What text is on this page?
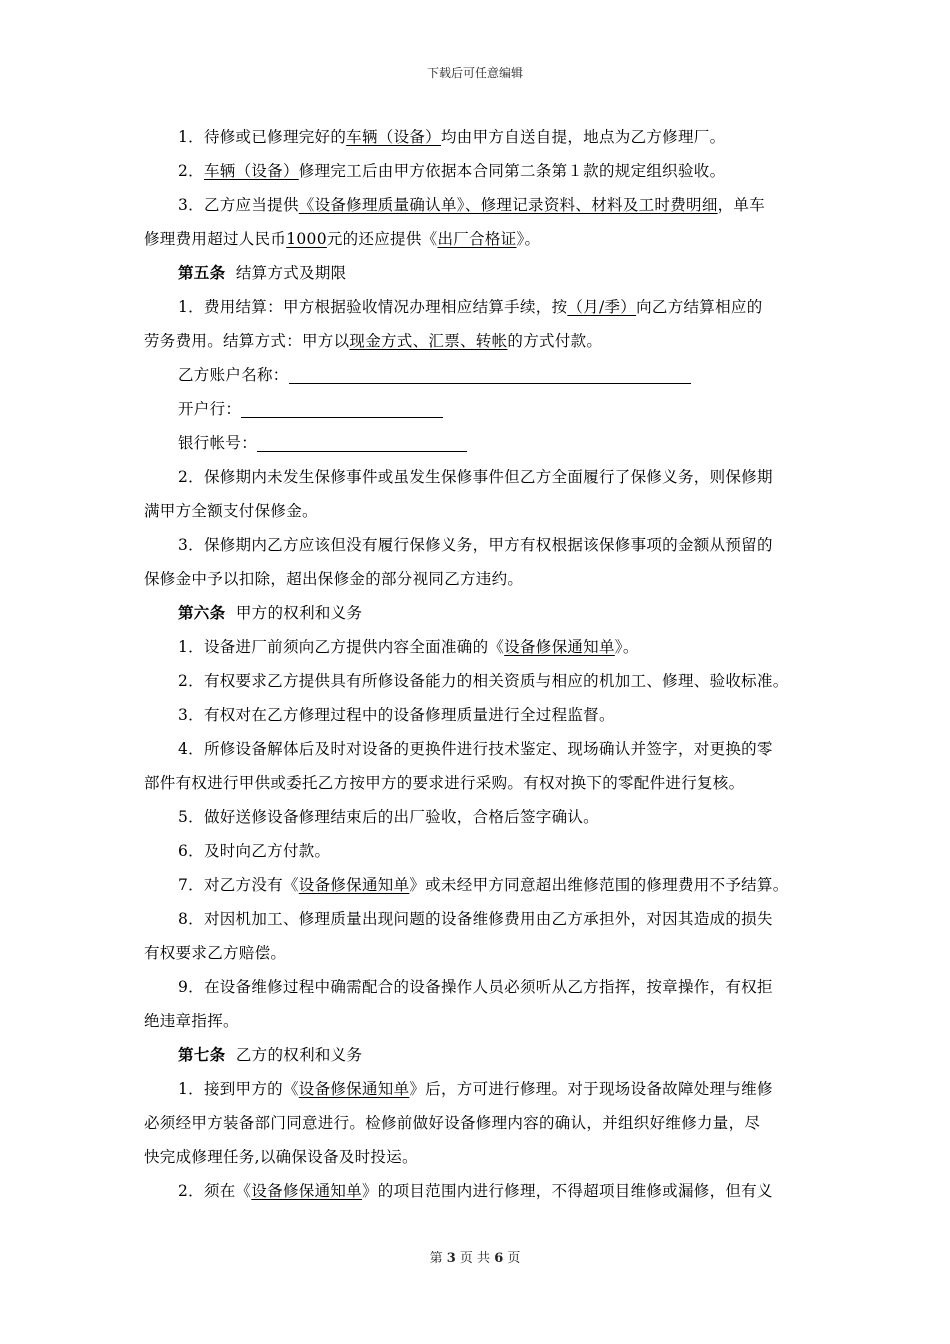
下载后可任意编辑
1．待修或已修理完好的车辆（设备）均由甲方自送自提，地点为乙方修理厂。
2．车辆（设备）修理完工后由甲方依据本合同第二条第１款的规定组织验收。
3．乙方应当提供《设备修理质量确认单》、修理记录资料、材料及工时费明细，单车
修理费用超过人民币1000元的还应提供《出厂合格证》。
第五条 结算方式及期限
1．费用结算：甲方根据验收情况办理相应结算手续，按（月/季）向乙方结算相应的
劳务费用。结算方式：甲方以现金方式、汇票、转帐的方式付款。
乙方账户名称：
开户行：
银行帐号：
2．保修期内未发生保修事件或虽发生保修事件但乙方全面履行了保修义务，则保修期
满甲方全额支付保修金。
3．保修期内乙方应该但没有履行保修义务，甲方有权根据该保修事项的金额从预留的
保修金中予以扣除，超出保修金的部分视同乙方违约。
第六条 甲方的权利和义务
1．设备进厂前须向乙方提供内容全面准确的《设备修保通知单》。
2．有权要求乙方提供具有所修设备能力的相关资质与相应的机加工、修理、验收标准。
3．有权对在乙方修理过程中的设备修理质量进行全过程监督。
4．所修设备解体后及时对设备的更换件进行技术鉴定、现场确认并签字，对更换的零
部件有权进行甲供或委托乙方按甲方的要求进行采购。有权对换下的零配件进行复核。
5．做好送修设备修理结束后的出厂验收，合格后签字确认。
6．及时向乙方付款。
7．对乙方没有《设备修保通知单》或未经甲方同意超出维修范围的修理费用不予结算。
8．对因机加工、修理质量出现问题的设备维修费用由乙方承担外，对因其造成的损失
有权要求乙方赔偿。
9．在设备维修过程中确需配合的设备操作人员必须听从乙方指挥，按章操作，有权拒
绝违章指挥。
第七条 乙方的权利和义务
1．接到甲方的《设备修保通知单》后，方可进行修理。对于现场设备故障处理与维修
必须经甲方装备部门同意进行。检修前做好设备修理内容的确认，并组织好维修力量，尽
快完成修理任务,以确保设备及时投运。
2．须在《设备修保通知单》的项目范围内进行修理，不得超项目维修或漏修，但有义
第 3 页 共 6 页
